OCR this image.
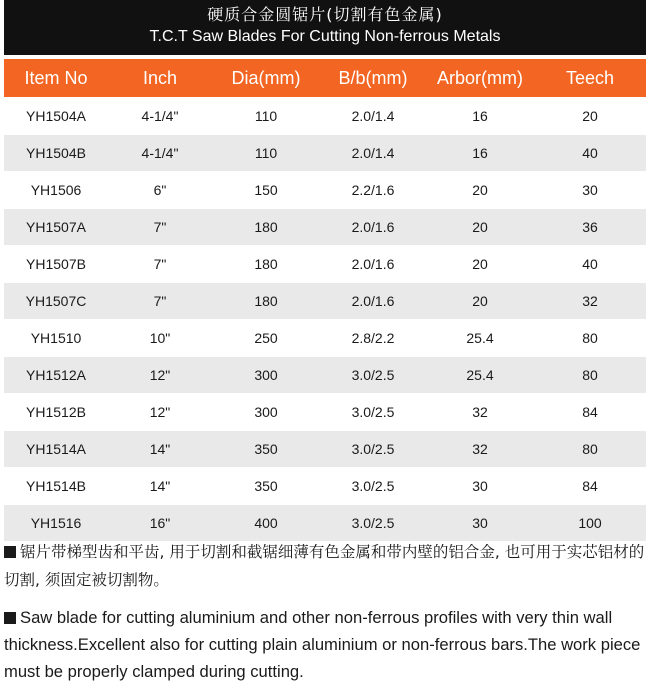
硬质合金圆锯片(切割有色金属)
T.C.T Saw Blades For Cutting Non-ferrous Metals
Item No	Inch	Dia(mm)	B/b(mm)	Arbor(mm)	Teech
YH1504A	4-1/4"	110	2.0/1.4	16	20
YH1504B	4-1/4"	110	2.0/1.4	16	40
YH1506	6"	150	2.2/1.6	20	30
YH1507A	7"	180	2.0/1.6	20	36
YH1507B	7"	180	2.0/1.6	20	40
YH1507C	7"	180	2.0/1.6	20	32
YH1510	10"	250	2.8/2.2	25.4	80
YH1512A	12"	300	3.0/2.5	25.4	80
YH1512B	12"	300	3.0/2.5	32	84
YH1514A	14"	350	3.0/2.5	32	80
YH1514B	14"	350	3.0/2.5	30	84
YH1516	16"	400	3.0/2.5	30	100

锯片带梯型齿和平齿, 用于切割和截锯细薄有色金属和带内壁的铝合金, 也可用于实芯铝材的切割, 须固定被切割物。

Saw blade for cutting aluminium and other non-ferrous profiles with very thin wall thickness.Excellent also for cutting plain aluminium or non-ferrous bars.The work piece must be properly clamped during cutting.
